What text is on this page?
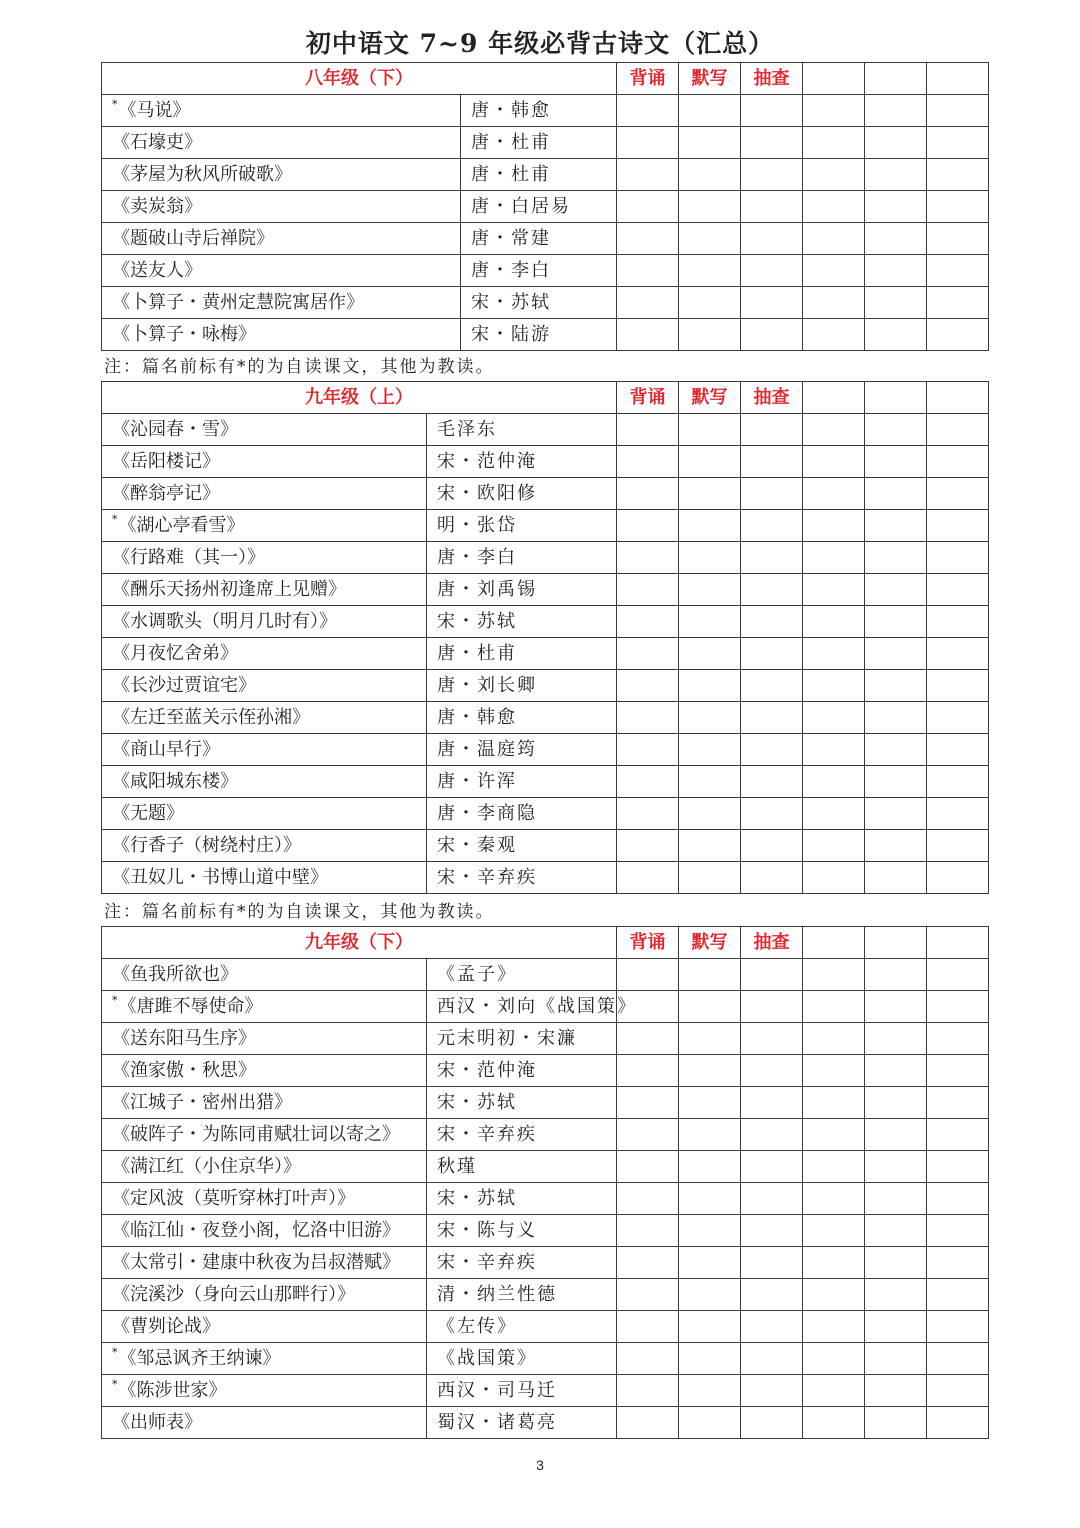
初中语文 7~9 年级必背古诗文（汇总）
八年级（下）		背诵	默写	抽查			
*《马说》	唐・韩愈						
《石壕吏》	唐・杜甫						
《茅屋为秋风所破歌》	唐・杜甫						
《卖炭翁》	唐・白居易						
《题破山寺后禅院》	唐・常建						
《送友人》	唐・李白						
《卜算子・黄州定慧院寓居作》	宋・苏轼						
《卜算子・咏梅》	宋・陆游						
注：篇名前标有*的为自读课文，其他为教读。
九年级（上）		背诵	默写	抽查			
《沁园春・雪》	毛泽东						
《岳阳楼记》	宋・范仲淹						
《醉翁亭记》	宋・欧阳修						
*《湖心亭看雪》	明・张岱						
《行路难（其一）》	唐・李白						
《酬乐天扬州初逢席上见赠》	唐・刘禹锡						
《水调歌头（明月几时有）》	宋・苏轼						
《月夜忆舍弟》	唐・杜甫						
《长沙过贾谊宅》	唐・刘长卿						
《左迁至蓝关示侄孙湘》	唐・韩愈						
《商山早行》	唐・温庭筠						
《咸阳城东楼》	唐・许浑						
《无题》	唐・李商隐						
《行香子（树绕村庄）》	宋・秦观						
《丑奴儿・书博山道中壁》	宋・辛弃疾						
注：篇名前标有*的为自读课文，其他为教读。
九年级（下）		背诵	默写	抽查			
《鱼我所欲也》	《孟子》						
*《唐雎不辱使命》	西汉・刘向《战国策》						
《送东阳马生序》	元末明初・宋濂						
《渔家傲・秋思》	宋・范仲淹						
《江城子・密州出猎》	宋・苏轼						
《破阵子・为陈同甫赋壮词以寄之》	宋・辛弃疾						
《满江红（小住京华）》	秋瑾						
《定风波（莫听穿林打叶声）》	宋・苏轼						
《临江仙・夜登小阁，忆洛中旧游》	宋・陈与义						
《太常引・建康中秋夜为吕叔潜赋》	宋・辛弃疾						
《浣溪沙（身向云山那畔行）》	清・纳兰性德						
《曹刿论战》	《左传》						
*《邹忌讽齐王纳谏》	《战国策》						
*《陈涉世家》	西汉・司马迁						
《出师表》	蜀汉・诸葛亮						
3
